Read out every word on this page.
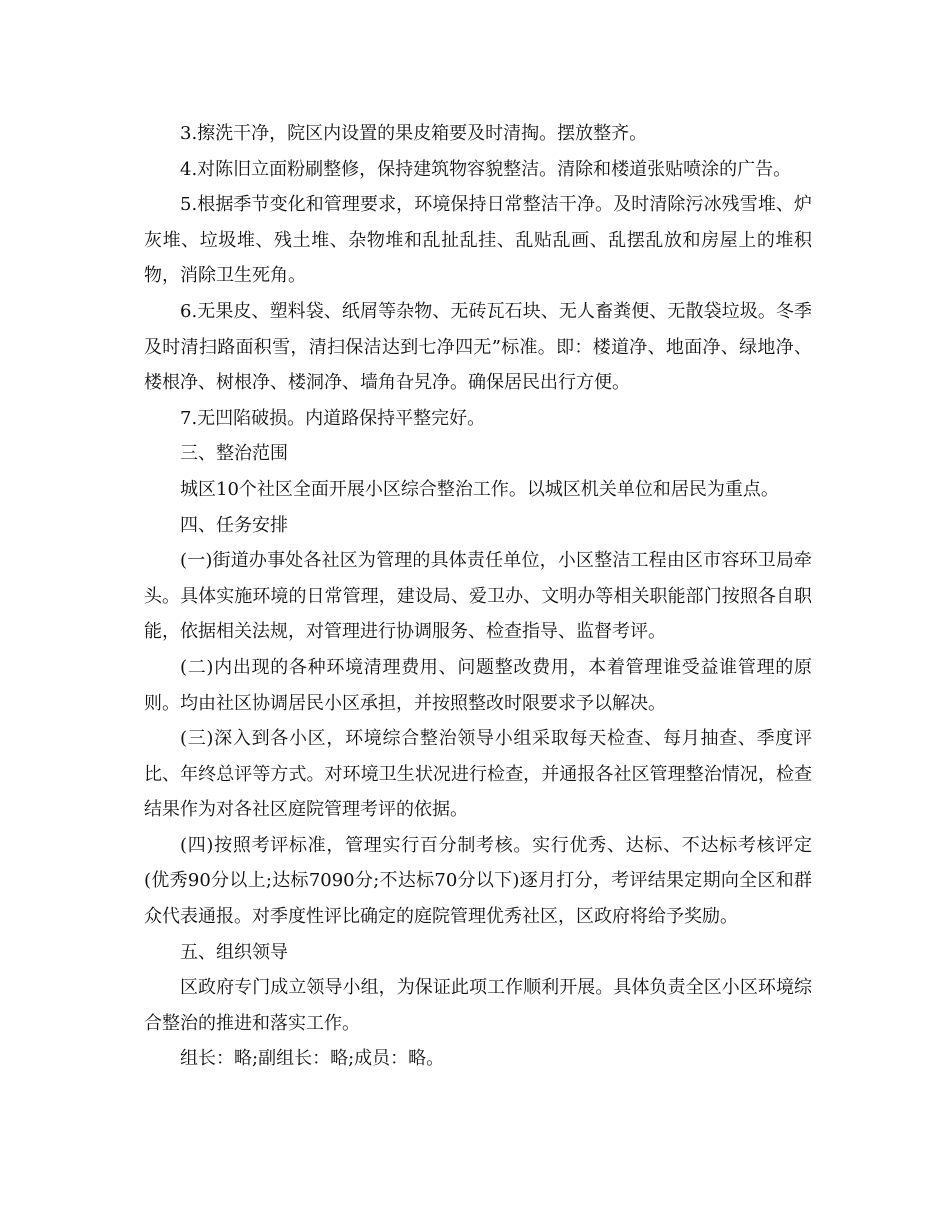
3.擦洗干净，院区内设置的果皮箱要及时清掏。摆放整齐。

4.对陈旧立面粉刷整修，保持建筑物容貌整洁。清除和楼道张贴喷涂的广告。

5.根据季节变化和管理要求，环境保持日常整洁干净。及时清除污冰残雪堆、炉灰堆、垃圾堆、残土堆、杂物堆和乱扯乱挂、乱贴乱画、乱摆乱放和房屋上的堆积物，消除卫生死角。

6.无果皮、塑料袋、纸屑等杂物、无砖瓦石块、无人畜粪便、无散袋垃圾。冬季及时清扫路面积雪，清扫保洁达到七净四无”标准。即：楼道净、地面净、绿地净、楼根净、树根净、楼洞净、墙角旮旯净。确保居民出行方便。

7.无凹陷破损。内道路保持平整完好。

三、整治范围

城区10个社区全面开展小区综合整治工作。以城区机关单位和居民为重点。

四、任务安排

(一)街道办事处各社区为管理的具体责任单位，小区整洁工程由区市容环卫局牵头。具体实施环境的日常管理，建设局、爱卫办、文明办等相关职能部门按照各自职能，依据相关法规，对管理进行协调服务、检查指导、监督考评。

(二)内出现的各种环境清理费用、问题整改费用，本着管理谁受益谁管理的原则。均由社区协调居民小区承担，并按照整改时限要求予以解决。

(三)深入到各小区，环境综合整治领导小组采取每天检查、每月抽查、季度评比、年终总评等方式。对环境卫生状况进行检查，并通报各社区管理整治情况，检查结果作为对各社区庭院管理考评的依据。

(四)按照考评标准，管理实行百分制考核。实行优秀、达标、不达标考核评定(优秀90分以上;达标7090分;不达标70分以下)逐月打分，考评结果定期向全区和群众代表通报。对季度性评比确定的庭院管理优秀社区，区政府将给予奖励。

五、组织领导

区政府专门成立领导小组，为保证此项工作顺利开展。具体负责全区小区环境综合整治的推进和落实工作。

组长：略;副组长：略;成员：略。
